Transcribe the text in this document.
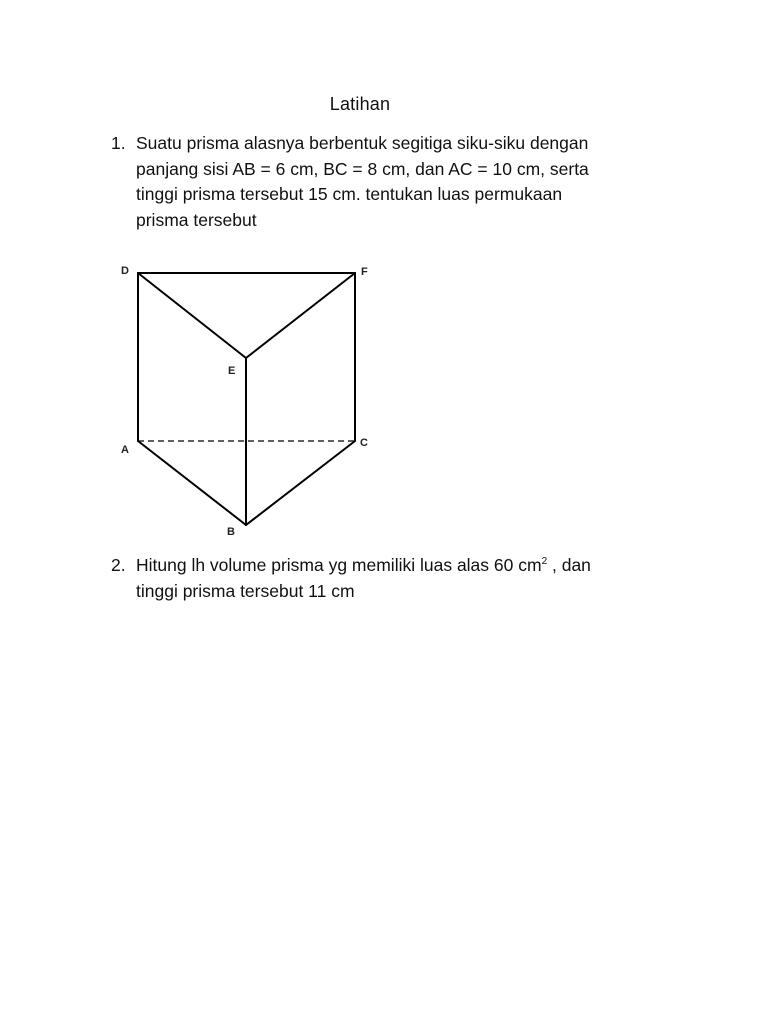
Latihan
1. Suatu prisma alasnya berbentuk segitiga siku-siku dengan
panjang sisi AB = 6 cm, BC = 8 cm, dan AC = 10 cm, serta
tinggi prisma tersebut 15 cm. tentukan luas permukaan
prisma tersebut
D	F
E
A
C
B
2. Hitung lh volume prisma yg memiliki luas alas 60 $cm^2$ , dan
tinggi prisma tersebut 11 cm
